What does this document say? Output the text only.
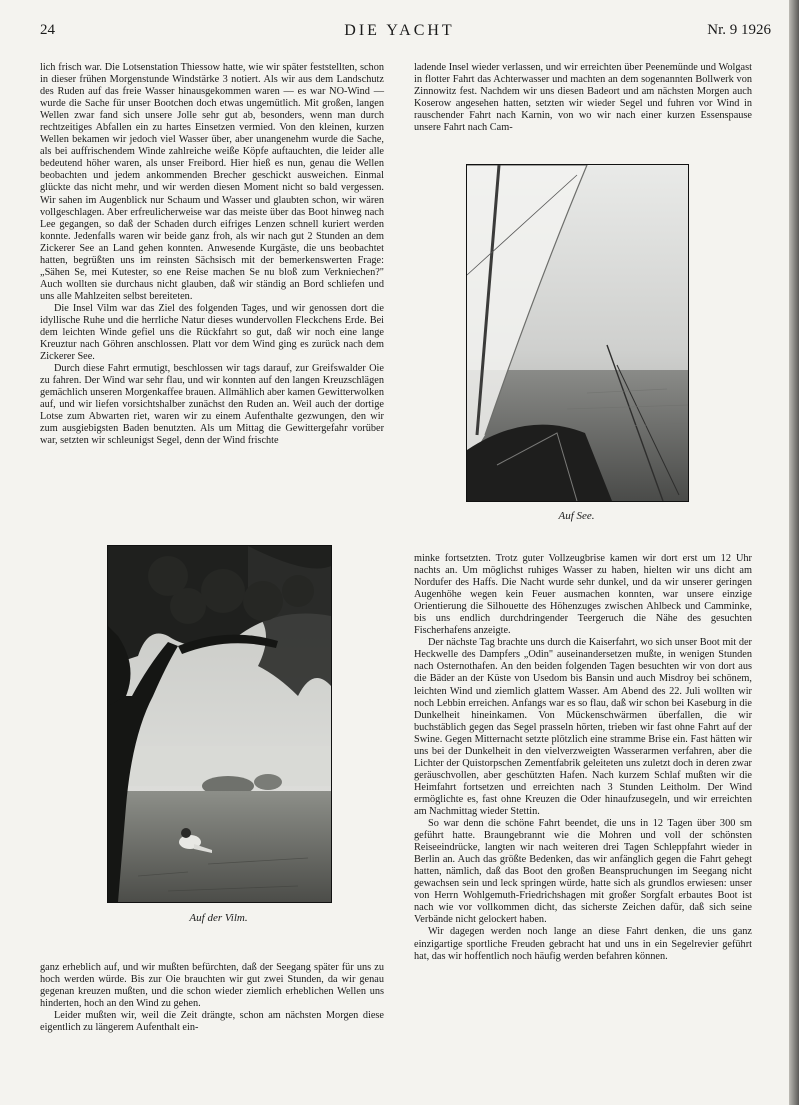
24	DIE YACHT	Nr. 9 1926

lich frisch war. Die Lotsenstation Thiessow hatte, wie wir später feststellten, schon in dieser frühen Morgenstunde Windstärke 3 notiert. Als wir aus dem Landschutz des Ruden auf das freie Wasser hinausgekommen waren — es war NO-Wind — wurde die Sache für unser Bootchen doch etwas ungemütlich. Mit großen, langen Wellen zwar fand sich unsere Jolle sehr gut ab, besonders, wenn man durch rechtzeitiges Abfallen ein zu hartes Einsetzen vermied. Von den kleinen, kurzen Wellen bekamen wir jedoch viel Wasser über, aber unangenehm wurde die Sache, als bei auffrischendem Winde zahlreiche weiße Köpfe auftauchten, die leider alle bedeutend höher waren, als unser Freibord. Hier hieß es nun, genau die Wellen beobachten und jedem ankommenden Brecher geschickt ausweichen. Einmal glückte das nicht mehr, und wir werden diesen Moment nicht so bald vergessen. Wir sahen im Augenblick nur Schaum und Wasser und glaubten schon, wir wären vollgeschlagen. Aber erfreulicherweise war das meiste über das Boot hinweg nach Lee gegangen, so daß der Schaden durch eifriges Lenzen schnell kuriert werden konnte. Jedenfalls waren wir beide ganz froh, als wir nach gut 2 Stunden an dem Zickerer See an Land gehen konnten. Anwesende Kurgäste, die uns beobachtet hatten, begrüßten uns im reinsten Sächsisch mit der bemerkenswerten Frage: „Sähen Se, mei Kutester, so ene Reise machen Se nu bloß zum Verkniechen?" Auch wollten sie durchaus nicht glauben, daß wir ständig an Bord schliefen und uns alle Mahlzeiten selbst bereiteten.

Die Insel Vilm war das Ziel des folgenden Tages, und wir genossen dort die idyllische Ruhe und die herrliche Natur dieses wundervollen Fleckchens Erde. Bei dem leichten Winde gefiel uns die Rückfahrt so gut, daß wir noch eine lange Kreuztur nach Göhren anschlossen. Platt vor dem Wind ging es zurück nach dem Zickerer See.

Durch diese Fahrt ermutigt, beschlossen wir tags darauf, zur Greifswalder Oie zu fahren. Der Wind war sehr flau, und wir konnten auf den langen Kreuzschlägen gemächlich unseren Morgenkaffee brauen. Allmählich aber kamen Gewitterwolken auf, und wir liefen vorsichtshalber zunächst den Ruden an. Weil auch der dortige Lotse zum Abwarten riet, waren wir zu einem Aufenthalte gezwungen, den wir zum ausgiebigsten Baden benutzten. Als um Mittag die Gewittergefahr vorüber war, setzten wir schleunigst Segel, denn der Wind frischte

ladende Insel wieder verlassen, und wir erreichten über Peenemünde und Wolgast in flotter Fahrt das Achterwasser und machten an dem sogenannten Bollwerk von Zinnowitz fest. Nachdem wir uns diesen Badeort und am nächsten Morgen auch Koserow angesehen hatten, setzten wir wieder Segel und fuhren vor Wind in rauschender Fahrt nach Karnin, von wo wir nach einer kurzen Essenspause unsere Fahrt nach Cam-

Auf See.
Auf der Vilm.

minke fortsetzten. Trotz guter Vollzeugbrise kamen wir dort erst um 12 Uhr nachts an. Um möglichst ruhiges Wasser zu haben, hielten wir uns dicht am Nordufer des Haffs. Die Nacht wurde sehr dunkel, und da wir unserer geringen Augenhöhe wegen kein Feuer ausmachen konnten, war unsere einzige Orientierung die Silhouette des Höhenzuges zwischen Ahlbeck und Camminke, bis uns endlich durchdringender Teergeruch die Nähe des gesuchten Fischerhafens anzeigte.

Der nächste Tag brachte uns durch die Kaiserfahrt, wo sich unser Boot mit der Heckwelle des Dampfers „Odin" auseinandersetzen mußte, in wenigen Stunden nach Osternothafen. An den beiden folgenden Tagen besuchten wir von dort aus die Bäder an der Küste von Usedom bis Bansin und auch Misdroy bei schönem, leichten Wind und ziemlich glattem Wasser. Am Abend des 22. Juli wollten wir noch Lebbin erreichen. Anfangs war es so flau, daß wir schon bei Kaseburg in die Dunkelheit hineinkamen. Von Mückenschwärmen überfallen, die wir buchstäblich gegen das Segel prasseln hörten, trieben wir fast ohne Fahrt auf der Swine. Gegen Mitternacht setzte plötzlich eine stramme Brise ein. Fast hätten wir uns bei der Dunkelheit in den vielverzweigten Wasserarmen verfahren, aber die Lichter der Quistorpschen Zementfabrik geleiteten uns zuletzt doch in deren zwar geräuschvollen, aber geschützten Hafen. Nach kurzem Schlaf mußten wir die Heimfahrt fortsetzen und erreichten nach 3 Stunden Leitholm. Der Wind ermöglichte es, fast ohne Kreuzen die Oder hinaufzusegeln, und wir erreichten am Nachmittag wieder Stettin.

So war denn die schöne Fahrt beendet, die uns in 12 Tagen über 300 sm geführt hatte. Braungebrannt wie die Mohren und voll der schönsten Reiseeindrücke, langten wir nach weiteren drei Tagen Schleppfahrt wieder in Berlin an. Auch das größte Bedenken, das wir anfänglich gegen die Fahrt gehegt hatten, nämlich, daß das Boot den großen Beanspruchungen im Seegang nicht gewachsen sein und leck springen würde, hatte sich als grundlos erwiesen: unser von Herrn Wohlgemuth-Friedrichshagen mit großer Sorgfalt erbautes Boot ist nach wie vor vollkommen dicht, das sicherste Zeichen dafür, daß sich seine Verbände nicht gelockert haben.

Wir dagegen werden noch lange an diese Fahrt denken, die uns ganz einzigartige sportliche Freuden gebracht hat und uns in ein Segelrevier geführt hat, das wir hoffentlich noch häufig werden befahren können.

ganz erheblich auf, und wir mußten befürchten, daß der Seegang später für uns zu hoch werden würde. Bis zur Oie brauchten wir gut zwei Stunden, da wir genau gegenan kreuzen mußten, und die schon wieder ziemlich erheblichen Wellen uns hinderten, hoch an den Wind zu gehen.

Leider mußten wir, weil die Zeit drängte, schon am nächsten Morgen diese eigentlich zu längerem Aufenthalt ein-
